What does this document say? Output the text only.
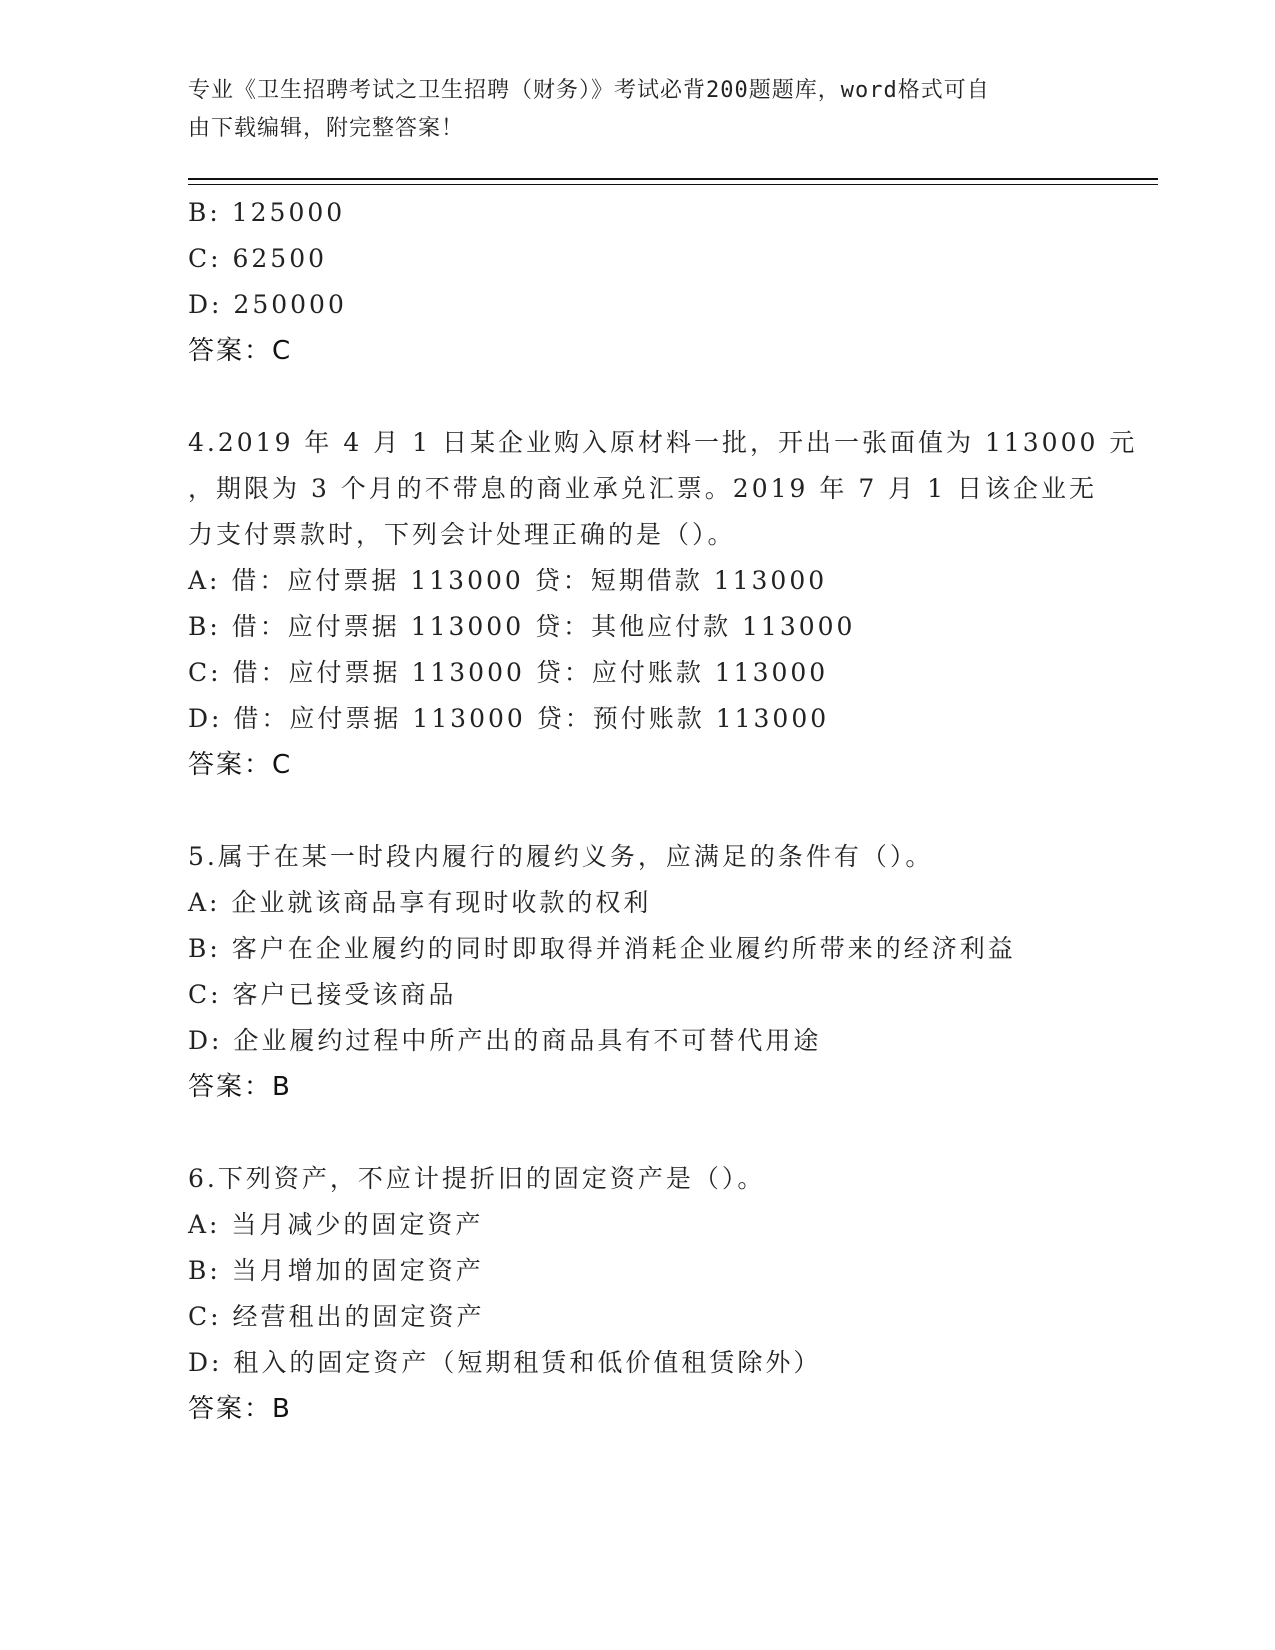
专业《卫生招聘考试之卫生招聘（财务）》考试必背200题题库，word格式可自
由下载编辑，附完整答案！
B: 125000
C: 62500
D: 250000
答案：C
4.2019 年 4 月 1 日某企业购入原材料一批，开出一张面值为 113000 元
，期限为 3 个月的不带息的商业承兑汇票。2019 年 7 月 1 日该企业无
力支付票款时，下列会计处理正确的是（）。
A: 借：应付票据 113000 贷：短期借款 113000
B: 借：应付票据 113000 贷：其他应付款 113000
C: 借：应付票据 113000 贷：应付账款 113000
D: 借：应付票据 113000 贷：预付账款 113000
答案：C
5.属于在某一时段内履行的履约义务，应满足的条件有（）。
A: 企业就该商品享有现时收款的权利
B: 客户在企业履约的同时即取得并消耗企业履约所带来的经济利益
C: 客户已接受该商品
D: 企业履约过程中所产出的商品具有不可替代用途
答案：B
6.下列资产，不应计提折旧的固定资产是（）。
A: 当月减少的固定资产
B: 当月增加的固定资产
C: 经营租出的固定资产
D: 租入的固定资产（短期租赁和低价值租赁除外）
答案：B
